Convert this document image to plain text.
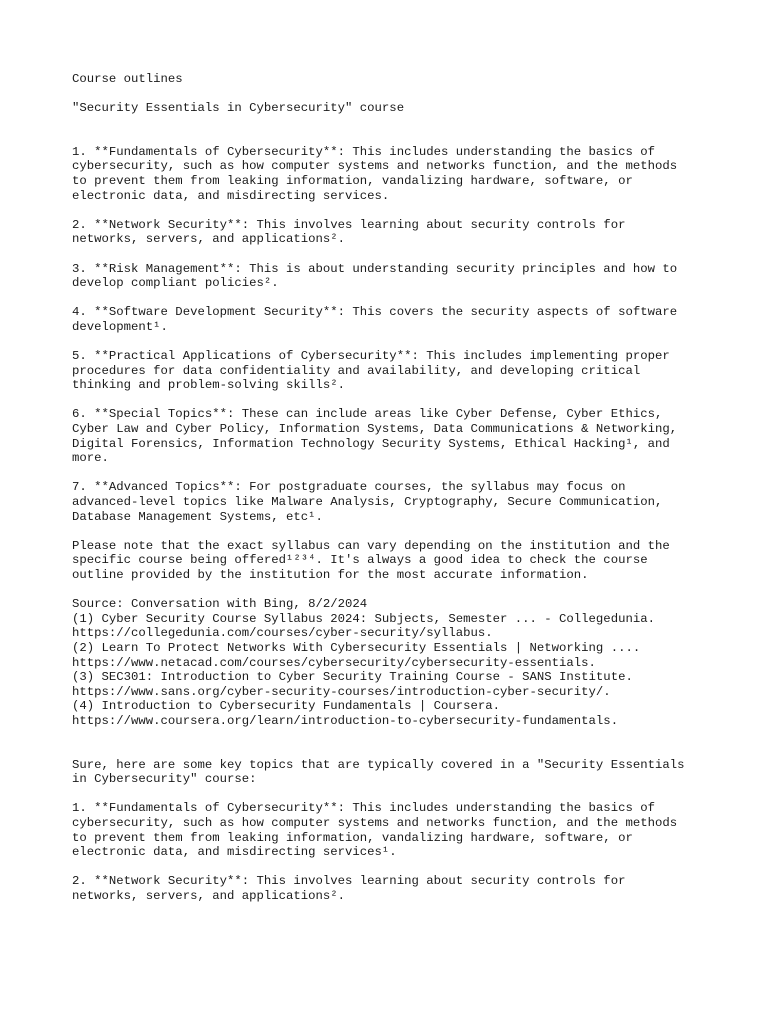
Course outlines

"Security Essentials in Cybersecurity" course

1. **Fundamentals of Cybersecurity**: This includes understanding the basics of
cybersecurity, such as how computer systems and networks function, and the methods
to prevent them from leaking information, vandalizing hardware, software, or
electronic data, and misdirecting services.

2. **Network Security**: This involves learning about security controls for
networks, servers, and applications².

3. **Risk Management**: This is about understanding security principles and how to
develop compliant policies².

4. **Software Development Security**: This covers the security aspects of software
development¹.

5. **Practical Applications of Cybersecurity**: This includes implementing proper
procedures for data confidentiality and availability, and developing critical
thinking and problem-solving skills².

6. **Special Topics**: These can include areas like Cyber Defense, Cyber Ethics,
Cyber Law and Cyber Policy, Information Systems, Data Communications & Networking,
Digital Forensics, Information Technology Security Systems, Ethical Hacking¹, and
more.

7. **Advanced Topics**: For postgraduate courses, the syllabus may focus on
advanced-level topics like Malware Analysis, Cryptography, Secure Communication,
Database Management Systems, etc¹.

Please note that the exact syllabus can vary depending on the institution and the
specific course being offered¹²³⁴. It's always a good idea to check the course
outline provided by the institution for the most accurate information.

Source: Conversation with Bing, 8/2/2024
(1) Cyber Security Course Syllabus 2024: Subjects, Semester ... - Collegedunia.
https://collegedunia.com/courses/cyber-security/syllabus.
(2) Learn To Protect Networks With Cybersecurity Essentials | Networking ....
https://www.netacad.com/courses/cybersecurity/cybersecurity-essentials.
(3) SEC301: Introduction to Cyber Security Training Course - SANS Institute.
https://www.sans.org/cyber-security-courses/introduction-cyber-security/.
(4) Introduction to Cybersecurity Fundamentals | Coursera.
https://www.coursera.org/learn/introduction-to-cybersecurity-fundamentals.

Sure, here are some key topics that are typically covered in a "Security Essentials
in Cybersecurity" course:

1. **Fundamentals of Cybersecurity**: This includes understanding the basics of
cybersecurity, such as how computer systems and networks function, and the methods
to prevent them from leaking information, vandalizing hardware, software, or
electronic data, and misdirecting services¹.

2. **Network Security**: This involves learning about security controls for
networks, servers, and applications².
